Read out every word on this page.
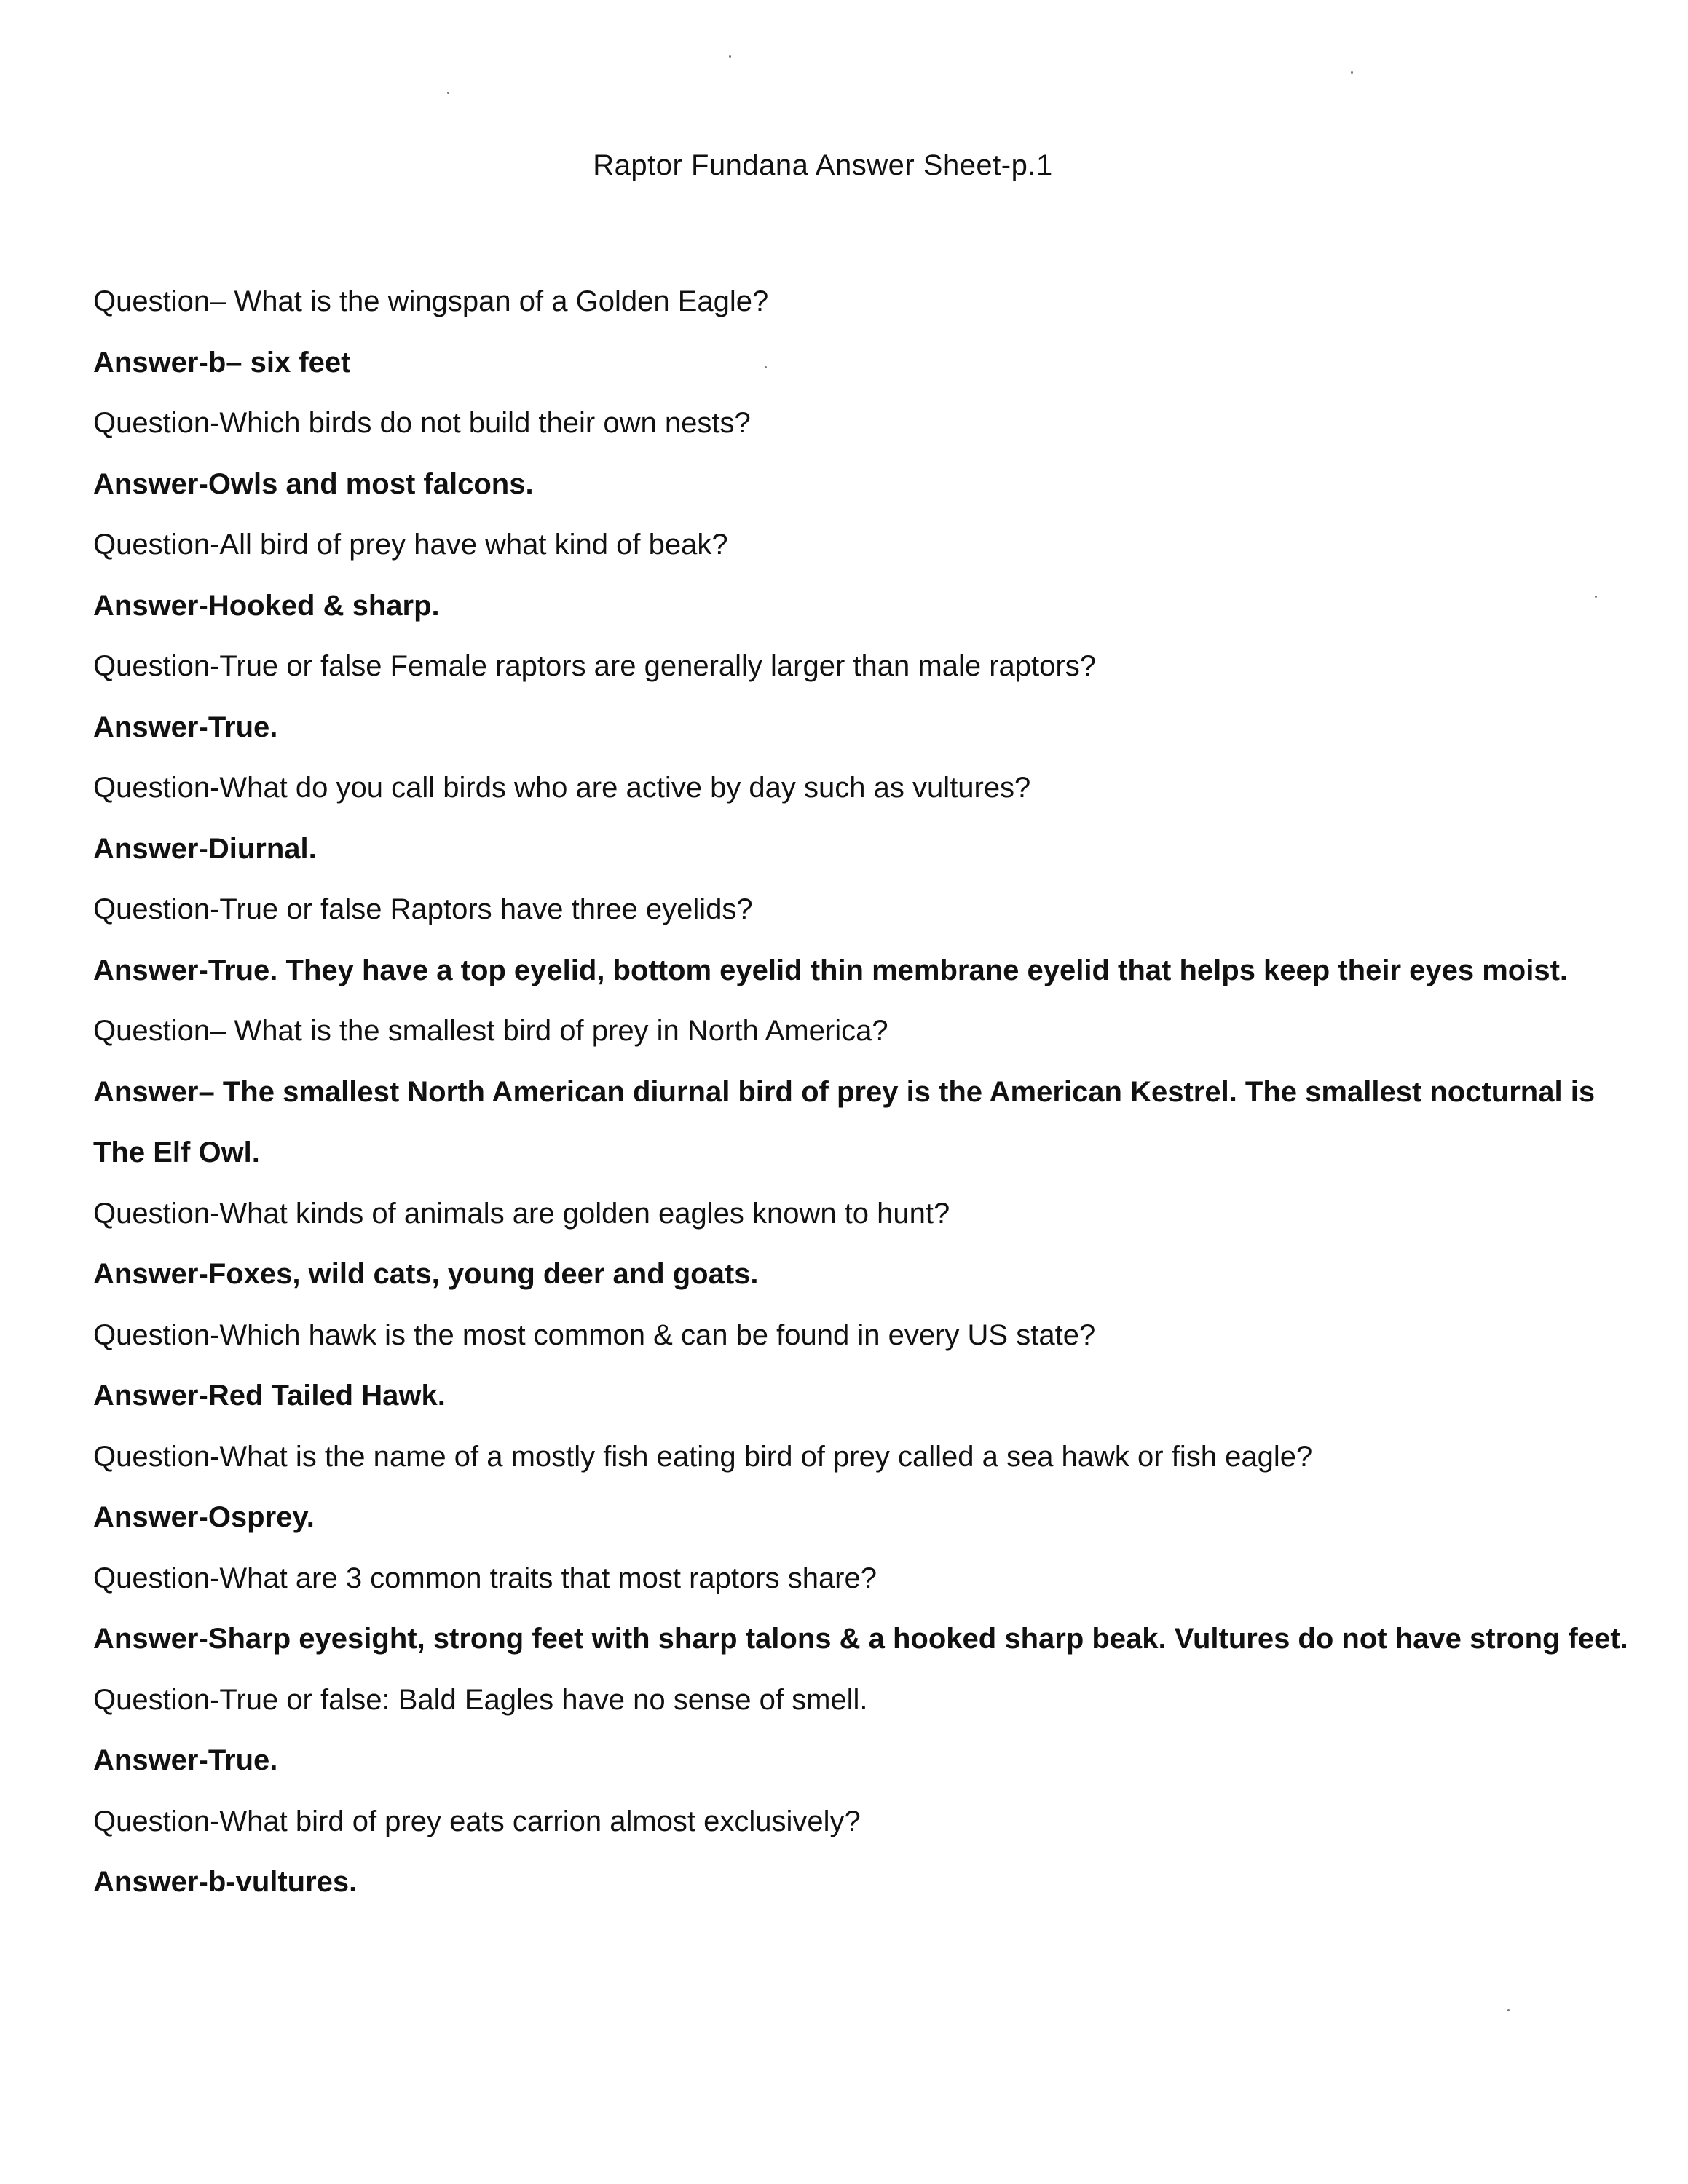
Raptor Fundana Answer Sheet-p.1
Question– What is the wingspan of a Golden Eagle?
Answer-b– six feet
Question-Which birds do not build their own nests?
Answer-Owls and most falcons.
Question-All bird of prey have what kind of beak?
Answer-Hooked & sharp.
Question-True or false Female raptors are generally larger than male raptors?
Answer-True.
Question-What do you call birds who are active by day such as vultures?
Answer-Diurnal.
Question-True or false Raptors have three eyelids?
Answer-True. They have a top eyelid, bottom eyelid thin membrane eyelid that helps keep their eyes moist.
Question– What is the smallest bird of prey in North America?
Answer– The smallest North American diurnal bird of prey is the American Kestrel. The smallest nocturnal is
The Elf Owl.
Question-What kinds of animals are golden eagles known to hunt?
Answer-Foxes, wild cats, young deer and goats.
Question-Which hawk is the most common & can be found in every US state?
Answer-Red Tailed Hawk.
Question-What is the name of a mostly fish eating bird of prey called a sea hawk or fish eagle?
Answer-Osprey.
Question-What are 3 common traits that most raptors share?
Answer-Sharp eyesight, strong feet with sharp talons & a hooked sharp beak. Vultures do not have strong feet.
Question-True or false: Bald Eagles have no sense of smell.
Answer-True.
Question-What bird of prey eats carrion almost exclusively?
Answer-b-vultures.
